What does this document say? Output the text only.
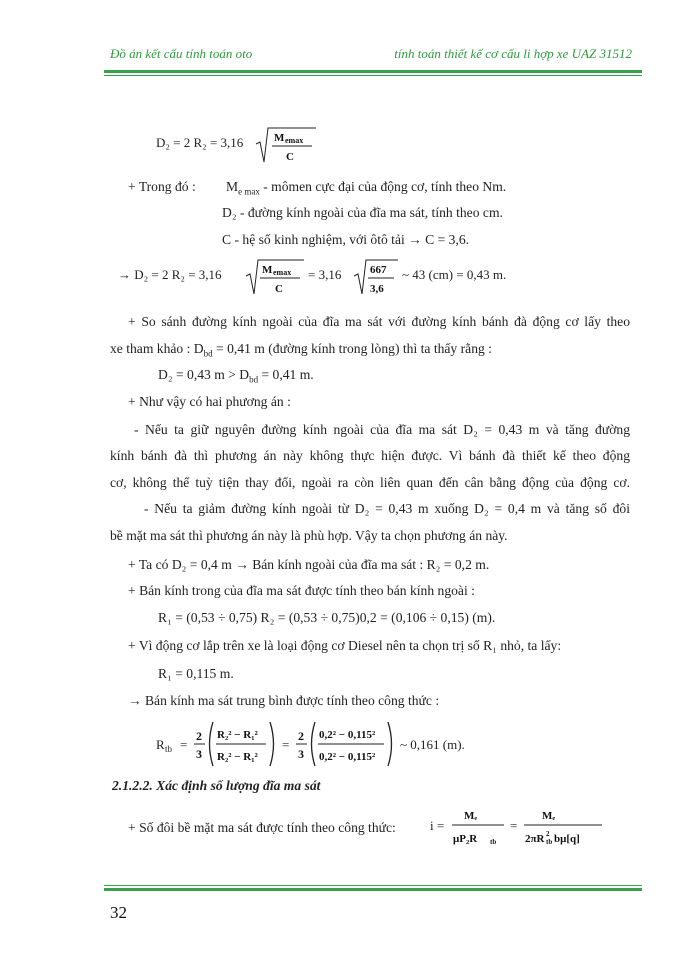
Đồ án kết cấu tính toán oto	tính toán thiết kế cơ cấu li hợp xe UAZ 31512
D₂ = 2 R₂ = 3,16	M emax
C
+ Trong đó : $M_{e max}$ - mômen cực đại của động cơ, tính theo Nm.
D₂ - đường kính ngoài của đĩa ma sát, tính theo cm.
C - hệ số kinh nghiệm, với ôtô tải → C = 3,6.
→ D₂ = 2 R₂ = 3,16	M emax
C
= 3,16	667
3,6
~ 43 (cm) = 0,43 m.
+ So sánh đường kính ngoài của đĩa ma sát với đường kính bánh đà động cơ lấy theo
xe tham khảo : $D_{bd} = 0,41$ m (đường kính trong lòng) thì ta thấy rằng :
D₂ = 0,43 $m > D_{bd} = 0,41$ m.
+ Như vậy có hai phương án :
- Nếu ta giữ nguyên đường kính ngoài của đĩa ma sát D₂ = 0,43 m và tăng đường
kính bánh đà thì phương án này không thực hiện được. Vì bánh đà thiết kế theo động
cơ, không thể tuỳ tiện thay đổi, ngoài ra còn liên quan đến cân bằng động của động cơ.
- Nếu ta giảm đường kính ngoài từ D₂ = 0,43 m xuống D₂ = 0,4 m và tăng số đôi
bề mặt ma sát thì phương án này là phù hợp. Vậy ta chọn phương án này.
+ Ta có D₂ = 0,4 m → Bán kính ngoài của đĩa ma sát : R₂ = 0,2 m.
+ Bán kính trong của đĩa ma sát được tính theo bán kính ngoài :
R₁ = (0,53 ÷ 0,75) R₂ = (0,53 ÷ 0,75)0,2 = (0,106 ÷ 0,15) (m).
+ Vì động cơ lắp trên xe là loại động cơ Diesel nên ta chọn trị số R₁ nhỏ, ta lấy:
R₁ = 0,115 m.
→ Bán kính ma sát trung bình được tính theo công thức :
R tb =
2
3
R₂² − R₁²
R₂² − R₁²
=
2
3
0,2² − 0,115²
0,2² − 0,115²
~ 0,161 (m).
2.1.2.2. Xác định số lượng đĩa ma sát
+ Số đôi bề mặt ma sát được tính theo công thức:	i =
Mₑ
μP₂R tb
=
Mₑ
2πR 2
tb bμ[q]
32
